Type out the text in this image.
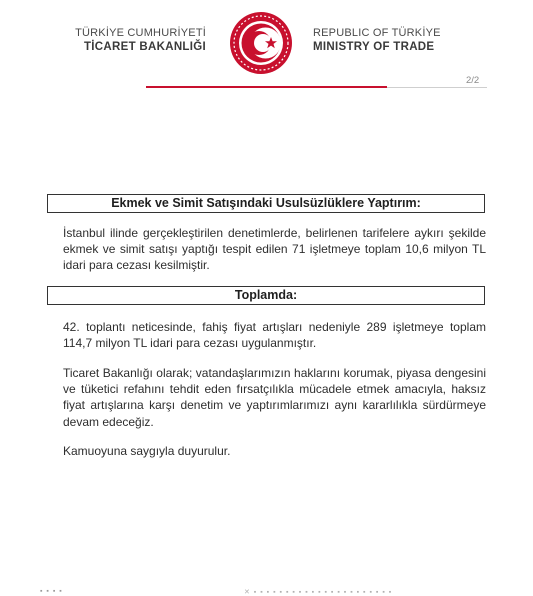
TÜRKİYE CUMHURİYETİ
TİCARET BAKANLIĞI
REPUBLIC OF TÜRKİYE
MINISTRY OF TRADE
2/2
Ekmek ve Simit Satışındaki Usulsüzlüklere Yaptırım:
İstanbul ilinde gerçekleştirilen denetimlerde, belirlenen tarifelere aykırı şekilde ekmek ve simit satışı yaptığı tespit edilen 71 işletmeye toplam 10,6 milyon TL idari para cezası kesilmiştir.
Toplamda:
42. toplantı neticesinde, fahiş fiyat artışları nedeniyle 289 işletmeye toplam 114,7 milyon TL idari para cezası uygulanmıştır.
Ticaret Bakanlığı olarak; vatandaşlarımızın haklarını korumak, piyasa dengesini ve tüketici refahını tehdit eden fırsatçılıkla mücadele etmek amacıyla, haksız fiyat artışlarına karşı denetim ve yaptırımlarımızı aynı kararlılıkla sürdürmeye devam edeceğiz.
Kamuoyuna saygıyla duyurulur.
▪ ▪ ▪ ▪	✕ ▪ ▪ ▪ ▪ ▪ ▪ ▪ ▪ ▪ ▪ ▪ ▪ ▪ ▪ ▪ ▪ ▪ ▪ ▪ ▪ ▪ ▪
